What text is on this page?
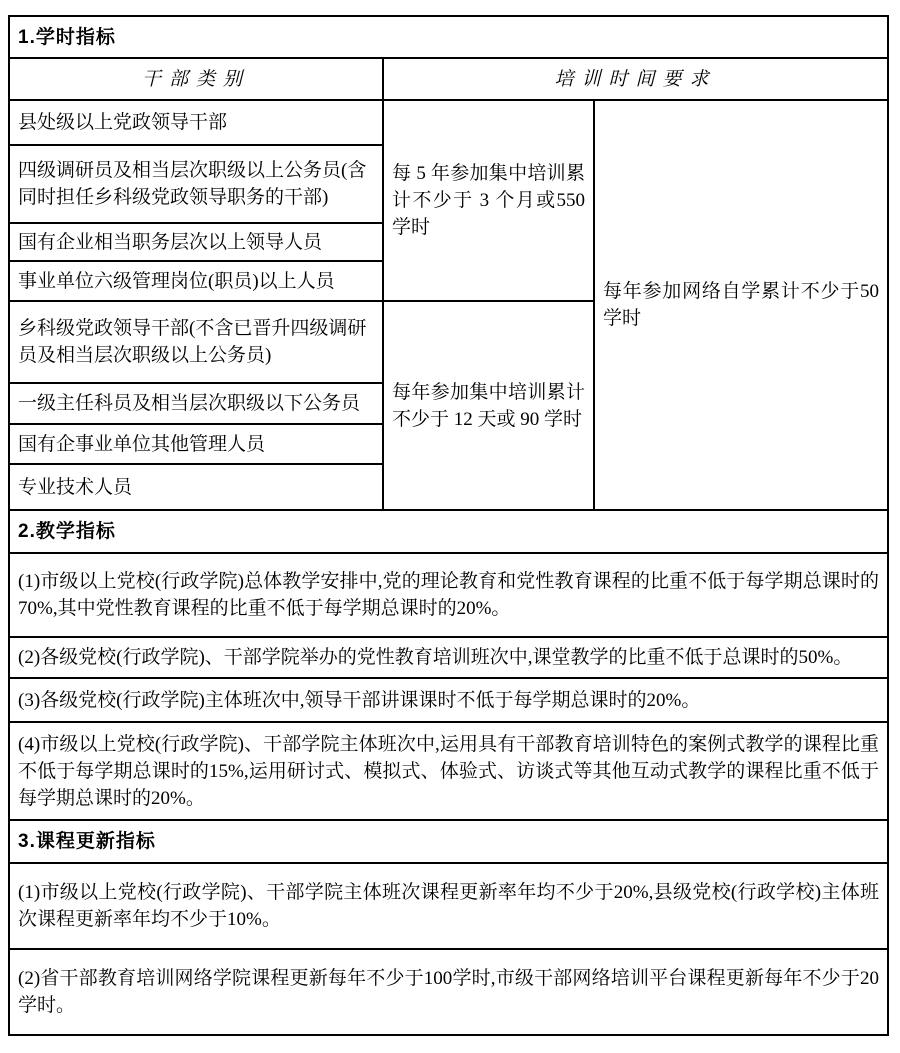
1.学时指标		
干部类别	培训时间要求	
县处级以上党政领导干部	每 5 年参加集中培训累计不少于 3 个月或550学时	每年参加网络自学累计不少于50学时
四级调研员及相当层次职级以上公务员(含同时担任乡科级党政领导职务的干部)		
国有企业相当职务层次以上领导人员		
事业单位六级管理岗位(职员)以上人员		
乡科级党政领导干部(不含已晋升四级调研员及相当层次职级以上公务员)	每年参加集中培训累计不少于 12 天或 90 学时	
一级主任科员及相当层次职级以下公务员		
国有企事业单位其他管理人员		
专业技术人员		
2.教学指标		
(1)市级以上党校(行政学院)总体教学安排中,党的理论教育和党性教育课程的比重不低于每学期总课时的70%,其中党性教育课程的比重不低于每学期总课时的20%。		
(2)各级党校(行政学院)、干部学院举办的党性教育培训班次中,课堂教学的比重不低于总课时的50%。		
(3)各级党校(行政学院)主体班次中,领导干部讲课课时不低于每学期总课时的20%。		
(4)市级以上党校(行政学院)、干部学院主体班次中,运用具有干部教育培训特色的案例式教学的课程比重不低于每学期总课时的15%,运用研讨式、模拟式、体验式、访谈式等其他互动式教学的课程比重不低于每学期总课时的20%。		
3.课程更新指标		
(1)市级以上党校(行政学院)、干部学院主体班次课程更新率年均不少于20%,县级党校(行政学校)主体班次课程更新率年均不少于10%。		
(2)省干部教育培训网络学院课程更新每年不少于100学时,市级干部网络培训平台课程更新每年不少于20学时。		
